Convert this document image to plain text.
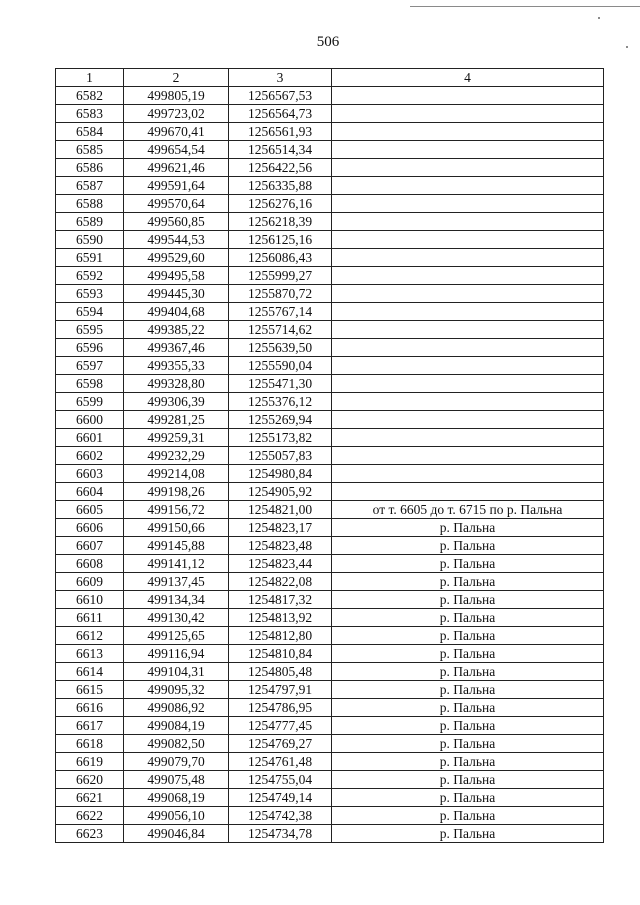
506
1	2	3	4
6582	499805,19	1256567,53	
6583	499723,02	1256564,73	
6584	499670,41	1256561,93	
6585	499654,54	1256514,34	
6586	499621,46	1256422,56	
6587	499591,64	1256335,88	
6588	499570,64	1256276,16	
6589	499560,85	1256218,39	
6590	499544,53	1256125,16	
6591	499529,60	1256086,43	
6592	499495,58	1255999,27	
6593	499445,30	1255870,72	
6594	499404,68	1255767,14	
6595	499385,22	1255714,62	
6596	499367,46	1255639,50	
6597	499355,33	1255590,04	
6598	499328,80	1255471,30	
6599	499306,39	1255376,12	
6600	499281,25	1255269,94	
6601	499259,31	1255173,82	
6602	499232,29	1255057,83	
6603	499214,08	1254980,84	
6604	499198,26	1254905,92	
6605	499156,72	1254821,00	от т. 6605 до т. 6715 по р. Пальна
6606	499150,66	1254823,17	р. Пальна
6607	499145,88	1254823,48	р. Пальна
6608	499141,12	1254823,44	р. Пальна
6609	499137,45	1254822,08	р. Пальна
6610	499134,34	1254817,32	р. Пальна
6611	499130,42	1254813,92	р. Пальна
6612	499125,65	1254812,80	р. Пальна
6613	499116,94	1254810,84	р. Пальна
6614	499104,31	1254805,48	р. Пальна
6615	499095,32	1254797,91	р. Пальна
6616	499086,92	1254786,95	р. Пальна
6617	499084,19	1254777,45	р. Пальна
6618	499082,50	1254769,27	р. Пальна
6619	499079,70	1254761,48	р. Пальна
6620	499075,48	1254755,04	р. Пальна
6621	499068,19	1254749,14	р. Пальна
6622	499056,10	1254742,38	р. Пальна
6623	499046,84	1254734,78	р. Пальна
